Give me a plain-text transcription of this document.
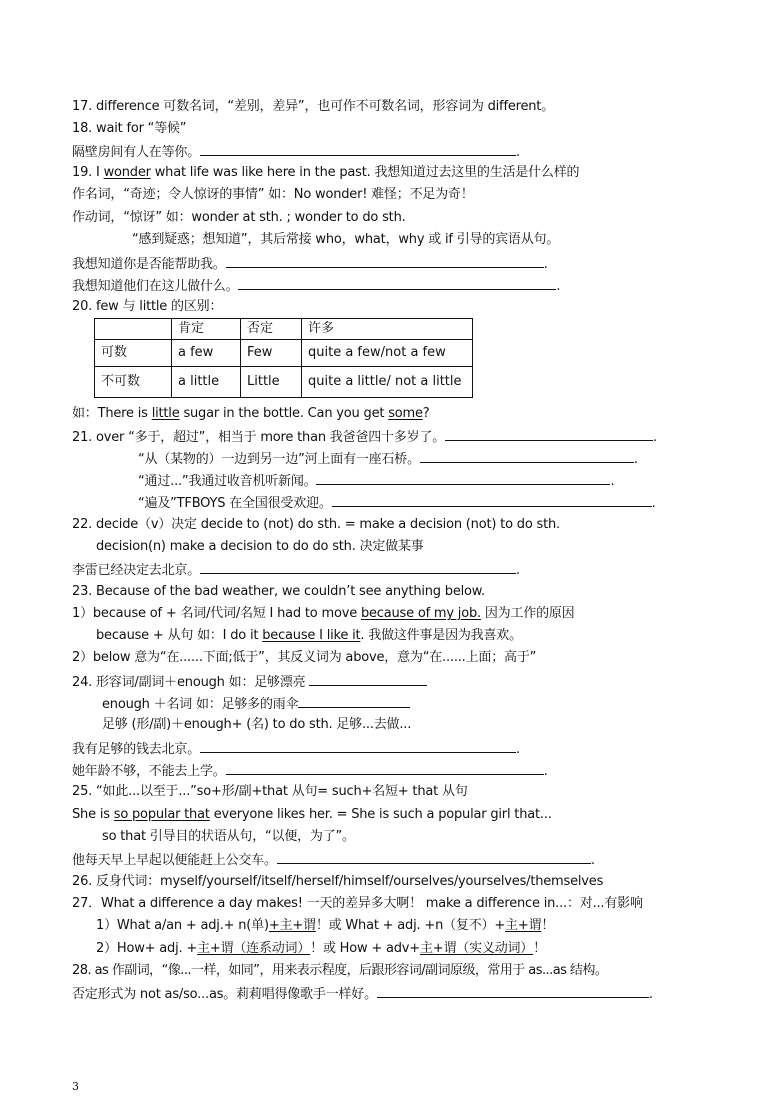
17. difference 可数名词，“差别，差异”，也可作不可数名词，形容词为 different。
18. wait for “等候”
隔壁房间有人在等你。	.
19. I wonder what life was like here in the past. 我想知道过去这里的生活是什么样的
作名词，“奇迹；令人惊讶的事情” 如：No wonder! 难怪；不足为奇！
作动词，“惊讶” 如：wonder at sth. ; wonder to do sth.
“感到疑惑；想知道”，其后常接 who，what，why 或 if 引导的宾语从句。
我想知道你是否能帮助我。	.
我想知道他们在这儿做什么。	.
20. few 与 little 的区别：
	肯定	否定	许多
可数	a few	Few	quite a few/not a few
不可数	a little	Little	quite a little/ not a little
如：There is little sugar in the bottle. Can you get some?
21. over “多于，超过”，相当于 more than 我爸爸四十多岁了。	.
“从（某物的）一边到另一边”河上面有一座石桥。	.
“通过...”我通过收音机听新闻。	.
“遍及”TFBOYS 在全国很受欢迎。	.
22. decide（v）决定 decide to (not) do sth. = make a decision (not) to do sth.
decision(n) make a decision to do do sth. 决定做某事
李雷已经决定去北京。	.
23. Because of the bad weather, we couldn’t see anything below.
1）because of + 名词/代词/名短 I had to move because of my job. 因为工作的原因
because + 从句 如：I do it because I like it. 我做这件事是因为我喜欢。
2）below 意为“在......下面;低于”，其反义词为 above，意为“在......上面；高于”
24. 形容词/副词＋enough 如：足够漂亮
enough ＋名词 如：足够多的雨伞
足够 (形/副)＋enough+ (名) to do sth. 足够...去做...
我有足够的钱去北京。	.
她年龄不够，不能去上学。	.
25. “如此...以至于...”so+形/副+that 从句= such+名短+ that 从句
She is so popular that everyone likes her. = She is such a popular girl that...
so that 引导目的状语从句，“以便，为了”。
他每天早上早起以便能赶上公交车。	.
26. 反身代词：myself/yourself/itself/herself/himself/ourselves/yourselves/themselves
27．What a difference a day makes! 一天的差异多大啊！ make a difference in...：对...有影响
1）What a/an + adj.+ n(单)+主+谓！或 What + adj. +n（复不）+主+谓！
2）How+ adj. +主+谓（连系动词）！或 How + adv+主+谓（实义动词）！
28. as 作副词，“像...一样，如同”，用来表示程度，后跟形容词/副词原级，常用于 as...as 结构。
否定形式为 not as/so...as。莉莉唱得像歌手一样好。	.
3
